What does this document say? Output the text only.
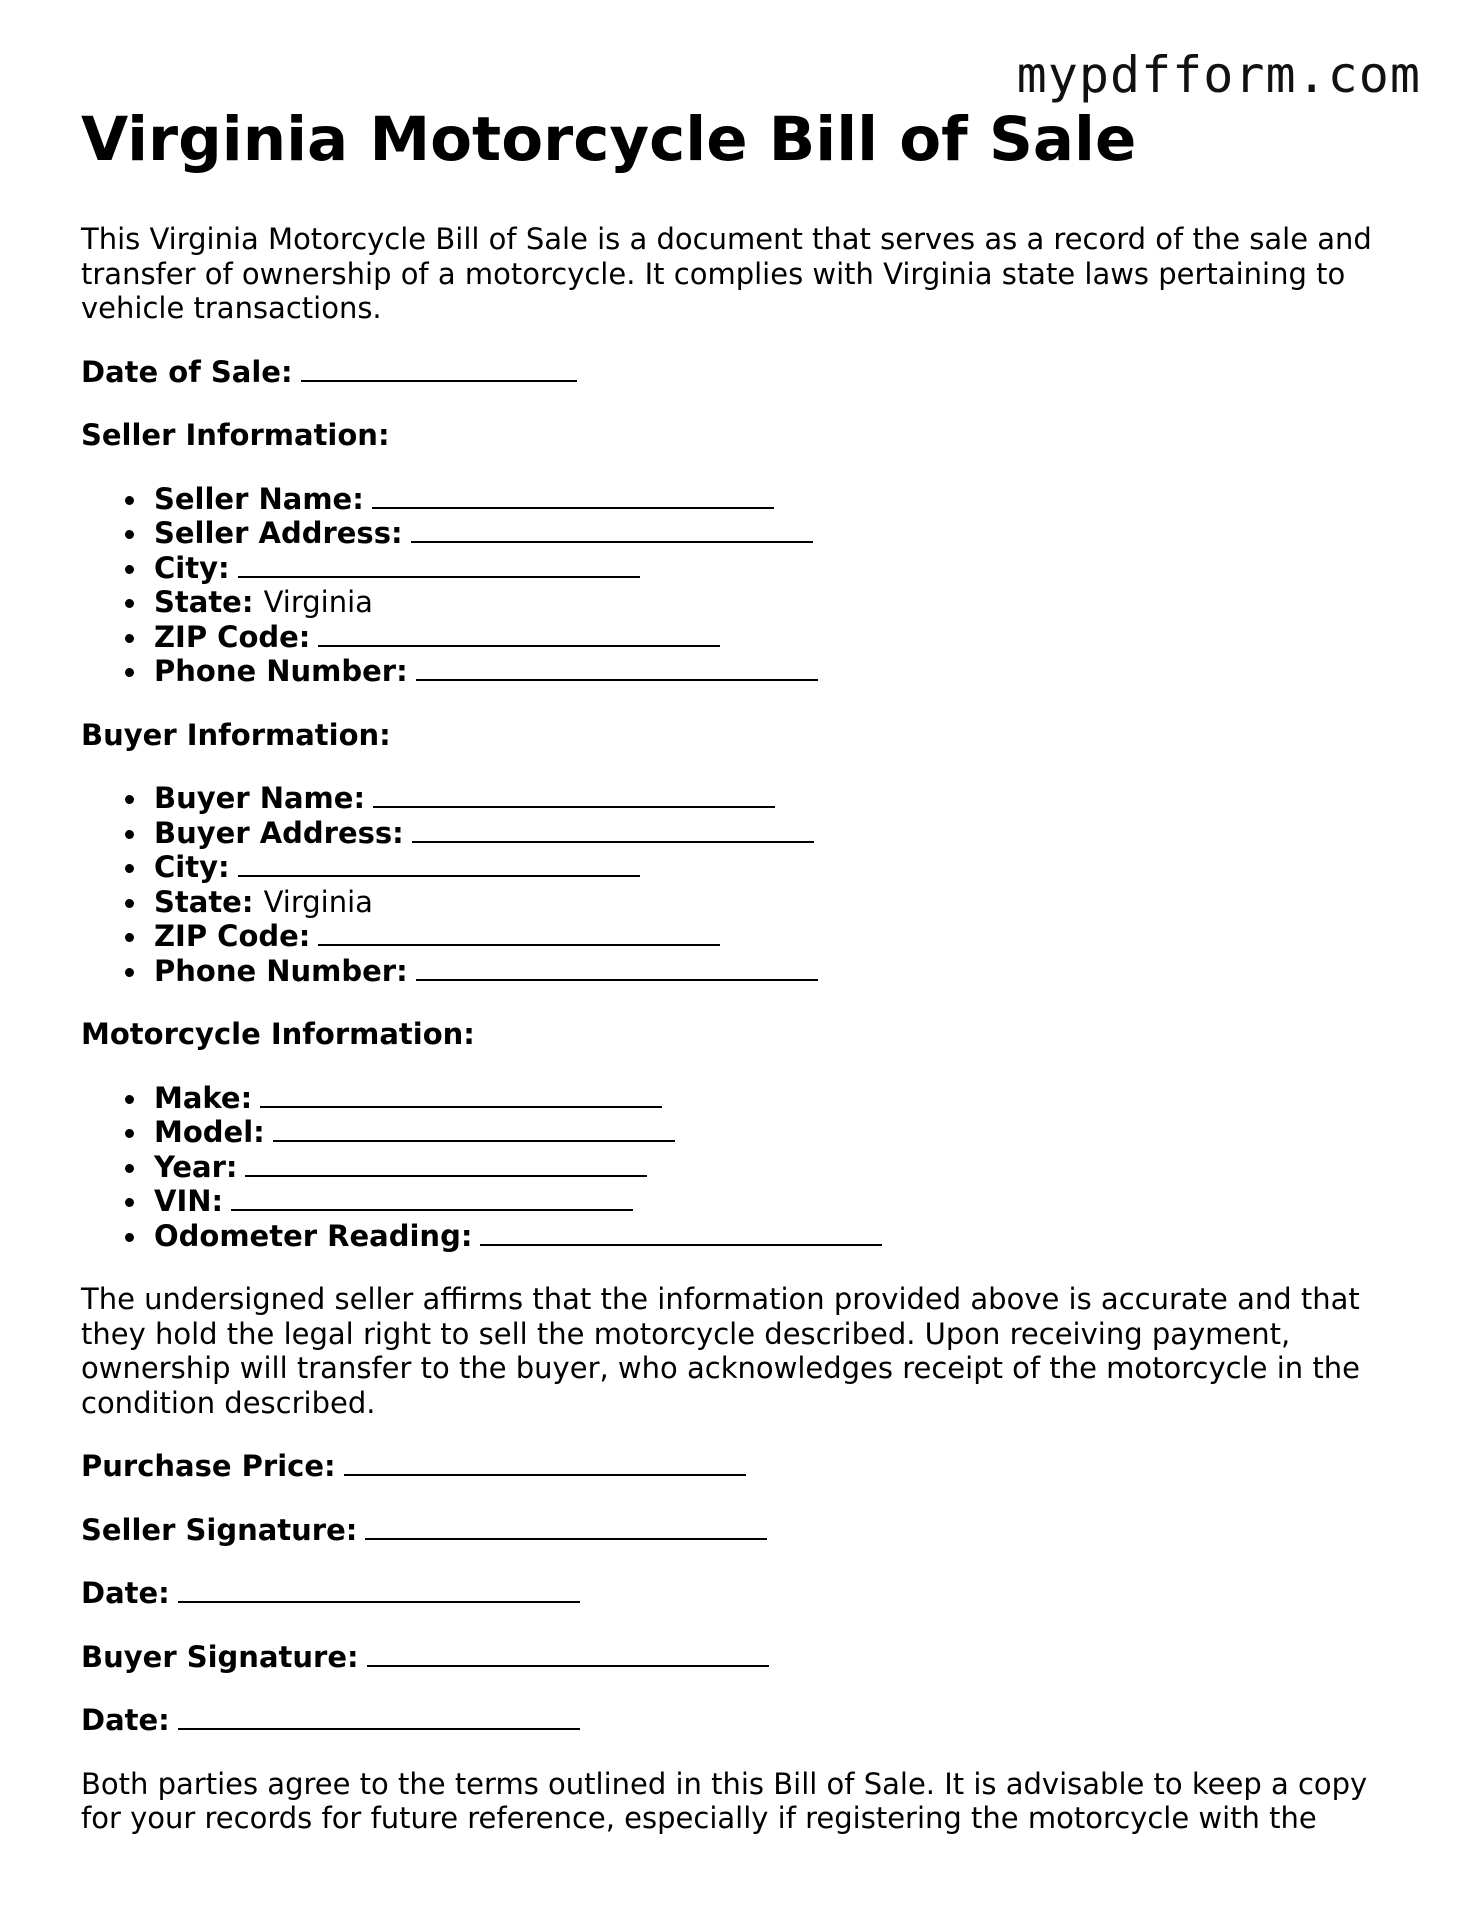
mypdfform.com
Virginia Motorcycle Bill of Sale

This Virginia Motorcycle Bill of Sale is a document that serves as a record of the sale and transfer of ownership of a motorcycle. It complies with Virginia state laws pertaining to vehicle transactions.

Date of Sale:
Seller Information:
Seller Name:
Seller Address:
City:
State: Virginia
ZIP Code:
Phone Number:
Buyer Information:
Buyer Name:
Buyer Address:
City:
State: Virginia
ZIP Code:
Phone Number:
Motorcycle Information:
Make:
Model:
Year:
VIN:
Odometer Reading:

The undersigned seller affirms that the information provided above is accurate and that they hold the legal right to sell the motorcycle described. Upon receiving payment, ownership will transfer to the buyer, who acknowledges receipt of the motorcycle in the condition described.

Purchase Price:
Seller Signature:
Date:
Buyer Signature:
Date:

Both parties agree to the terms outlined in this Bill of Sale. It is advisable to keep a copy for your records for future reference, especially if registering the motorcycle with the
